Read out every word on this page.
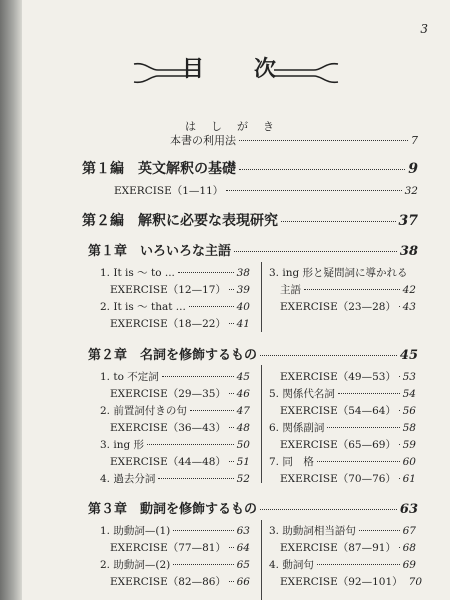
3
目　次
は　し　が　き
本書の利用法	7
第１編　英文解釈の基礎	9
EXERCISE（1—11）	32
第２編　解釈に必要な表現研究	37
第１章　いろいろな主語	38
1. It is ～ to ...	38
EXERCISE（12—17） 39
2. It is ～ that ...	40
EXERCISE（18—22） 41
3. ing 形と疑問詞に導かれる
主語	42
EXERCISE（23—28） 43
第２章　名詞を修飾するもの	45
1. to 不定詞	45
EXERCISE（29—35） 46
2. 前置詞付きの句	47
EXERCISE（36—43） 48
3. ing 形	50
EXERCISE（44—48） 51
4. 過去分詞	52
EXERCISE（49—53） 53
5. 関係代名詞	54
EXERCISE（54—64） 56
6. 関係副詞	58
EXERCISE（65—69） 59
7. 同　格	60
EXERCISE（70—76） 61
第３章　動詞を修飾するもの	63
1. 助動詞—(1)	63
EXERCISE（77—81） 64
2. 助動詞—(2)	65
EXERCISE（82—86） 66
3. 助動詞相当語句	67
EXERCISE（87—91） 68
4. 動詞句	69
EXERCISE（92—101） 70
